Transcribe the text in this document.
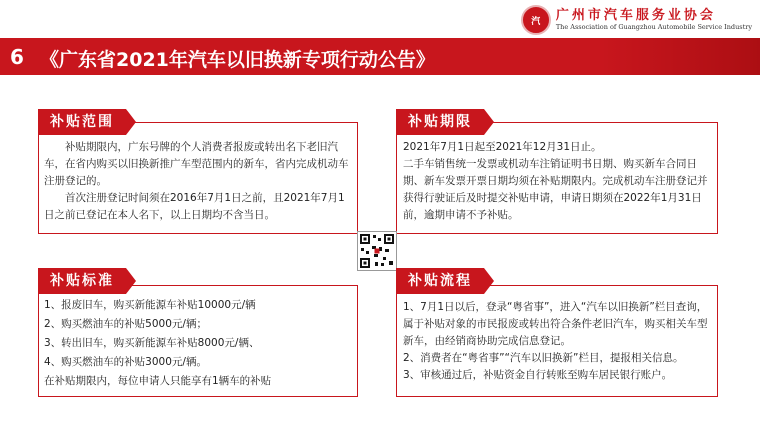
汽	广州市汽车服务业协会
The Association of Guangzhou Automobile Service Industry
6 《广东省2021年汽车以旧换新专项行动公告》
补贴范围

补贴期限内，广东号牌的个人消费者报废或转出名下老旧汽车，在省内购买以旧换新推广车型范围内的新车，省内完成机动车注册登记的。

首次注册登记时间须在2016年7月1日之前，且2021年7月1日之前已登记在本人名下，以上日期均不含当日。

补贴期限

2021年7月1日起至2021年12月31日止。

二手车销售统一发票或机动车注销证明书日期、购买新车合同日期、新车发票开票日期均须在补贴期限内。完成机动车注册登记并获得行驶证后及时提交补贴申请，申请日期须在2022年1月31日前，逾期申请不予补贴。

补贴标准

1、报废旧车，购买新能源车补贴10000元/辆

2、购买燃油车的补贴5000元/辆；

3、转出旧车，购买新能源车补贴8000元/辆、

4、购买燃油车的补贴3000元/辆。

在补贴期限内，每位申请人只能享有1辆车的补贴

补贴流程

1、7月1日以后，登录“粤省事”，进入“汽车以旧换新”栏目查询，属于补贴对象的市民报废或转出符合条件老旧汽车，购买相关车型新车，由经销商协助完成信息登记。

2、消费者在“粤省事”“汽车以旧换新”栏目，提报相关信息。

3、审核通过后，补贴资金自行转账至购车居民银行账户。
